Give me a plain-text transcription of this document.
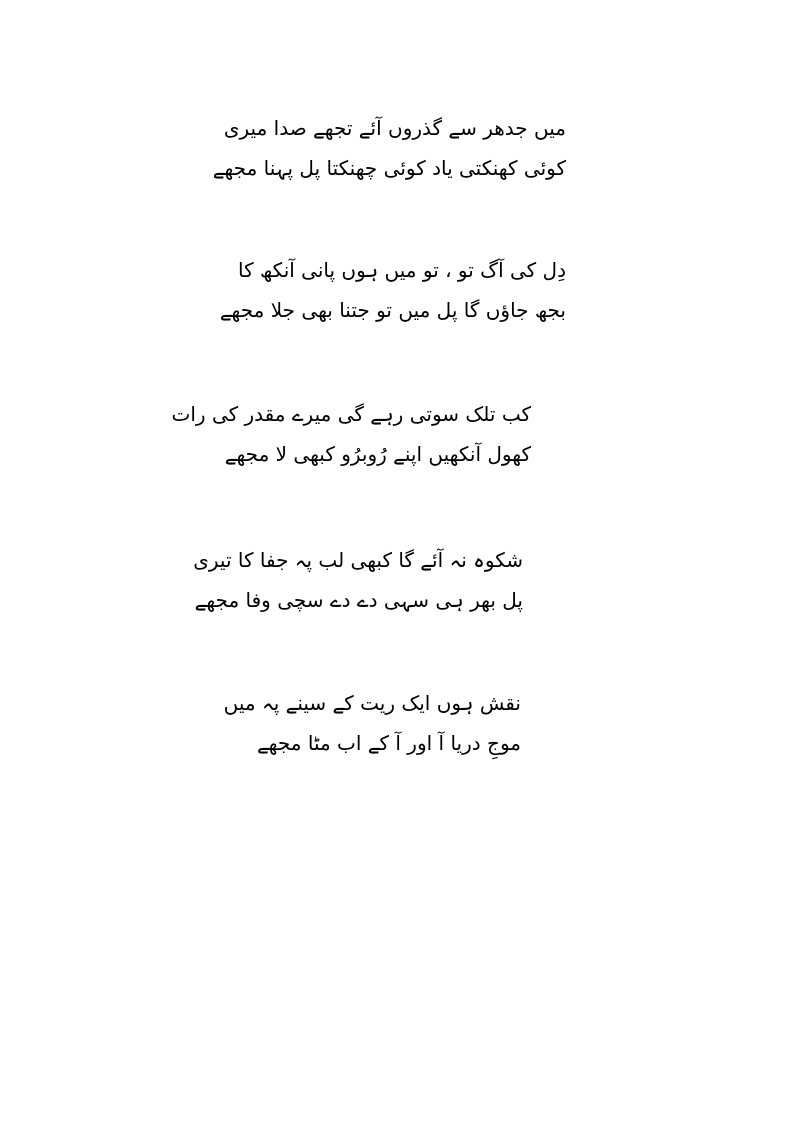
میں جدھر سے گذروں آئے تجھے صدا میری
کوئی کھنکتی یاد کوئی چھنکتا پل پہنا مجھے
دِل کی آگ تو ، تو میں ہوں پانی آنکھ کا
بجھ جاؤں گا پل میں تو جتنا بھی جلا مجھے
کب تلک سوتی رہے گی میرے مقدر کی رات
کھول آنکھیں اپنے رُوبرُو کبھی لا مجھے
شکوہ نہ آئے گا کبھی لب پہ جفا کا تیری
پل بھر ہی سہی دے دے سچی وفا مجھے
نقش ہوں ایک ریت کے سینے پہ میں
موجِ دریا آ اور آ کے اب مٹا مجھے
